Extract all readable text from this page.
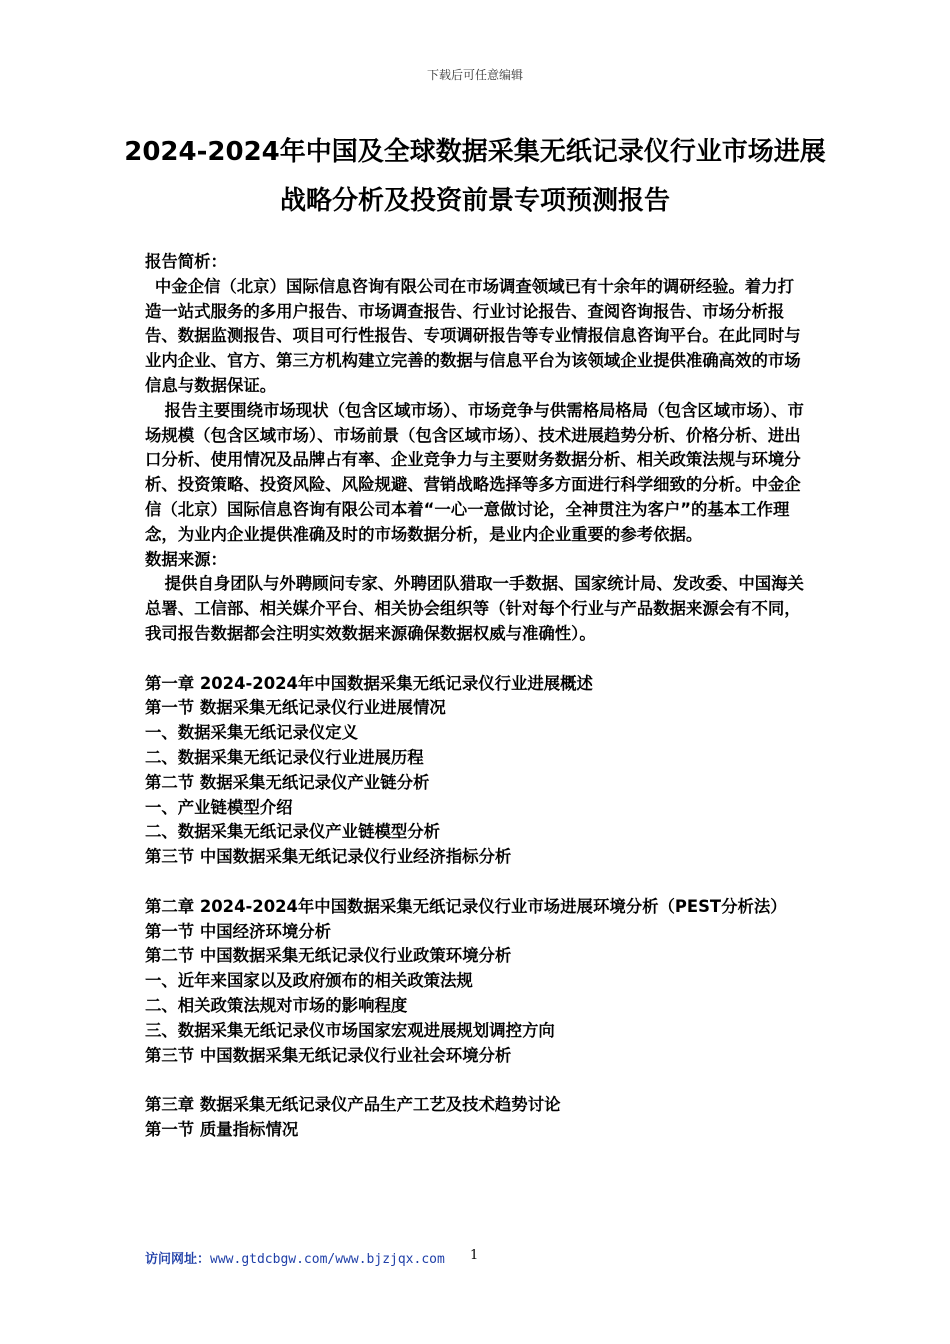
下载后可任意编辑
2024-2024年中国及全球数据采集无纸记录仪行业市场进展战略分析及投资前景专项预测报告

报告简析：

中金企信（北京）国际信息咨询有限公司在市场调查领域已有十余年的调研经验。着力打造一站式服务的多用户报告、市场调查报告、行业讨论报告、查阅咨询报告、市场分析报告、数据监测报告、项目可行性报告、专项调研报告等专业情报信息咨询平台。在此同时与业内企业、官方、第三方机构建立完善的数据与信息平台为该领域企业提供准确高效的市场信息与数据保证。

报告主要围绕市场现状（包含区域市场）、市场竞争与供需格局格局（包含区域市场）、市场规模（包含区域市场）、市场前景（包含区域市场）、技术进展趋势分析、价格分析、进出口分析、使用情况及品牌占有率、企业竞争力与主要财务数据分析、相关政策法规与环境分析、投资策略、投资风险、风险规避、营销战略选择等多方面进行科学细致的分析。中金企信（北京）国际信息咨询有限公司本着“一心一意做讨论，全神贯注为客户”的基本工作理念，为业内企业提供准确及时的市场数据分析，是业内企业重要的参考依据。

数据来源：

提供自身团队与外聘顾问专家、外聘团队猎取一手数据、国家统计局、发改委、中国海关总署、工信部、相关媒介平台、相关协会组织等（针对每个行业与产品数据来源会有不同，我司报告数据都会注明实效数据来源确保数据权威与准确性）。

第一章 2024-2024年中国数据采集无纸记录仪行业进展概述

第一节 数据采集无纸记录仪行业进展情况

一、数据采集无纸记录仪定义

二、数据采集无纸记录仪行业进展历程

第二节 数据采集无纸记录仪产业链分析

一、产业链模型介绍

二、数据采集无纸记录仪产业链模型分析

第三节 中国数据采集无纸记录仪行业经济指标分析

第二章 2024-2024年中国数据采集无纸记录仪行业市场进展环境分析（PEST分析法）

第一节 中国经济环境分析

第二节 中国数据采集无纸记录仪行业政策环境分析

一、近年来国家以及政府颁布的相关政策法规

二、相关政策法规对市场的影响程度

三、数据采集无纸记录仪市场国家宏观进展规划调控方向

第三节 中国数据采集无纸记录仪行业社会环境分析

第三章 数据采集无纸记录仪产品生产工艺及技术趋势讨论

第一节 质量指标情况

访问网址：www.gtdcbgw.com/www.bjzjqx.com 1
